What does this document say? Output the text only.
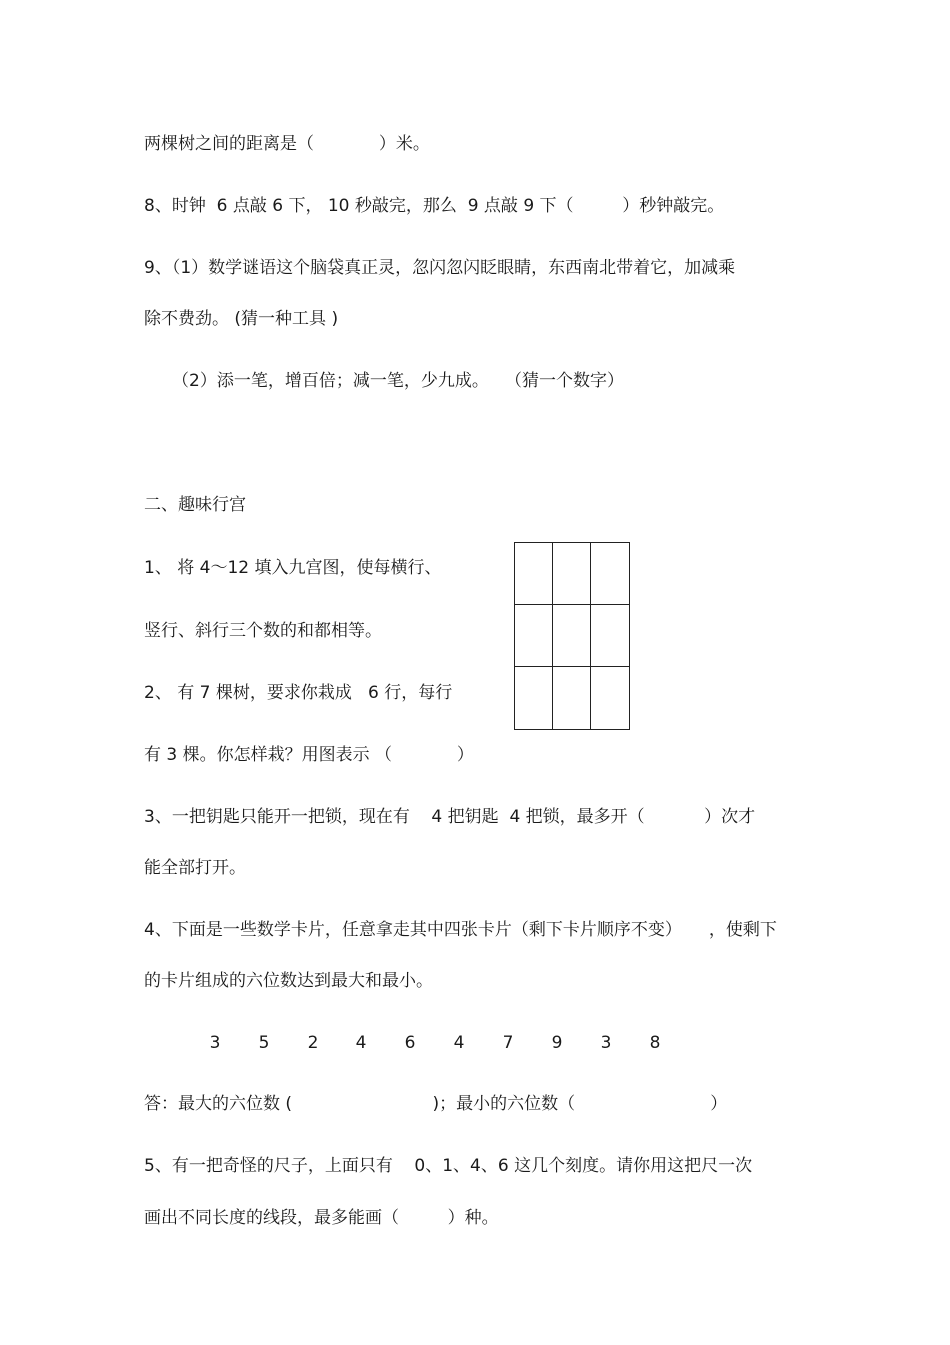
两棵树之间的距离是（            ）米。
8、时钟  6 点敲 6 下， 10 秒敲完，那么  9 点敲 9 下（         ）秒钟敲完。
9、（1）数学谜语这个脑袋真正灵，忽闪忽闪眨眼睛，东西南北带着它，加减乘
除不费劲。 (猜一种工具 )
（2）添一笔，增百倍；减一笔，少九成。   （猜一个数字）
二、趣味行宫
1、 将 4～12 填入九宫图，使每横行、
竖行、斜行三个数的和都相等。
2、 有 7 棵树，要求你栽成   6 行，每行
有 3 棵。你怎样栽？用图表示 （            ）
3、一把钥匙只能开一把锁，现在有    4 把钥匙  4 把锁，最多开（           ）次才
能全部打开。
4、下面是一些数学卡片，任意拿走其中四张卡片（剩下卡片顺序不变）     ，使剩下
的卡片组成的六位数达到最大和最小。
3 5 2 4 6 4 7 9 3 8
答：最大的六位数 (                          )；最小的六位数（                         ）
5、有一把奇怪的尺子，上面只有    0、1、4、6 这几个刻度。请你用这把尺一次
画出不同长度的线段，最多能画（         ）种。
